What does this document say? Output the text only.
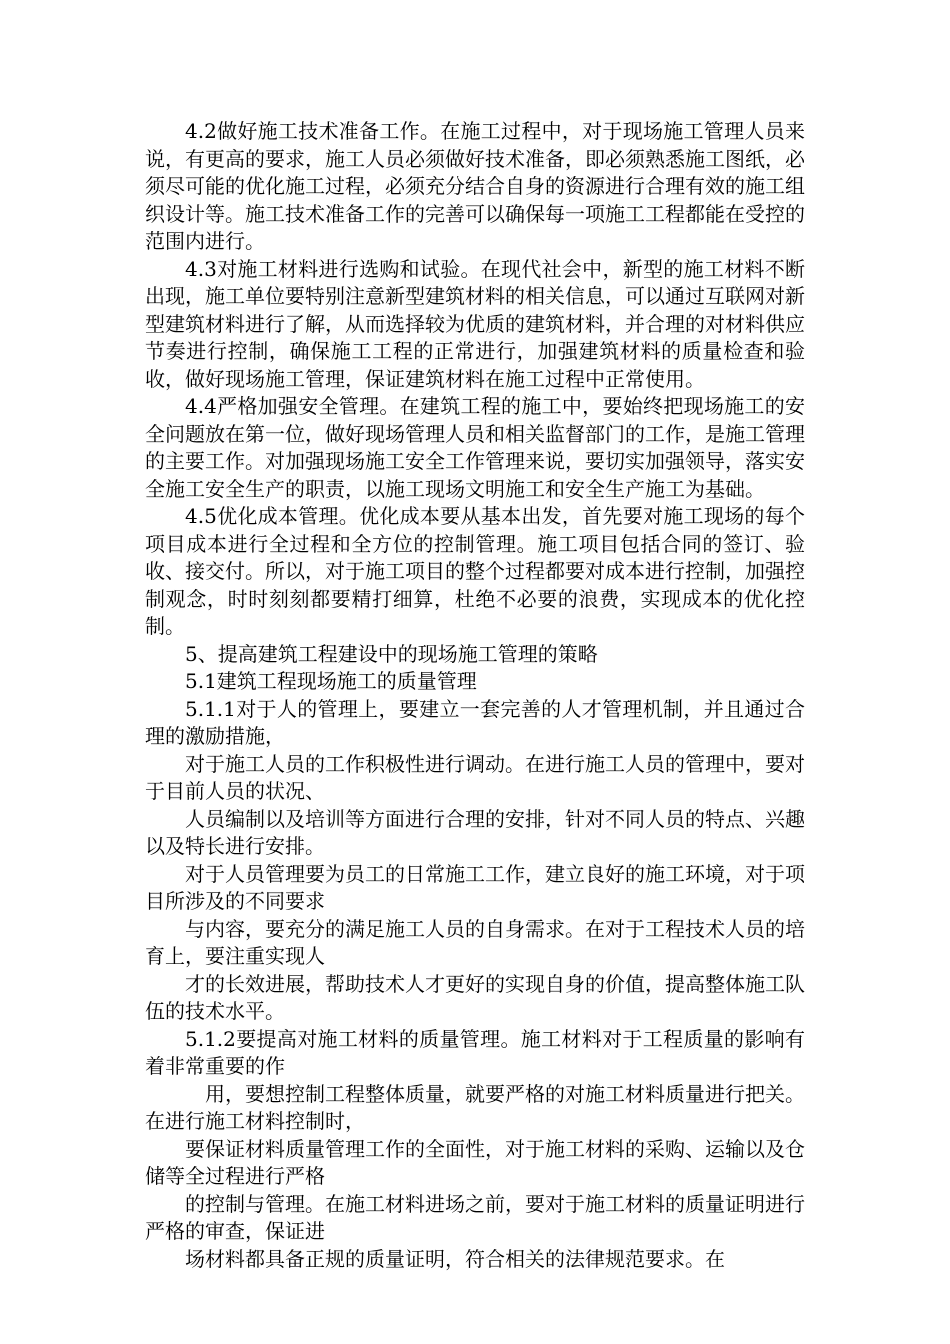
4.2做好施工技术准备工作。在施工过程中，对于现场施工管理人员来说，有更高的要求，施工人员必须做好技术准备，即必须熟悉施工图纸，必须尽可能的优化施工过程，必须充分结合自身的资源进行合理有效的施工组织设计等。施工技术准备工作的完善可以确保每一项施工工程都能在受控的范围内进行。

4.3对施工材料进行选购和试验。在现代社会中，新型的施工材料不断出现，施工单位要特别注意新型建筑材料的相关信息，可以通过互联网对新型建筑材料进行了解，从而选择较为优质的建筑材料，并合理的对材料供应节奏进行控制，确保施工工程的正常进行，加强建筑材料的质量检查和验收，做好现场施工管理，保证建筑材料在施工过程中正常使用。

4.4严格加强安全管理。在建筑工程的施工中，要始终把现场施工的安全问题放在第一位，做好现场管理人员和相关监督部门的工作，是施工管理的主要工作。对加强现场施工安全工作管理来说，要切实加强领导，落实安全施工安全生产的职责，以施工现场文明施工和安全生产施工为基础。

4.5优化成本管理。优化成本要从基本出发，首先要对施工现场的每个项目成本进行全过程和全方位的控制管理。施工项目包括合同的签订、验收、接交付。所以，对于施工项目的整个过程都要对成本进行控制，加强控制观念，时时刻刻都要精打细算，杜绝不必要的浪费，实现成本的优化控制。

5、提高建筑工程建设中的现场施工管理的策略

5.1建筑工程现场施工的质量管理

5.1.1对于人的管理上，要建立一套完善的人才管理机制，并且通过合理的激励措施，

对于施工人员的工作积极性进行调动。在进行施工人员的管理中，要对于目前人员的状况、

人员编制以及培训等方面进行合理的安排，针对不同人员的特点、兴趣以及特长进行安排。

对于人员管理要为员工的日常施工工作，建立良好的施工环境，对于项目所涉及的不同要求

与内容，要充分的满足施工人员的自身需求。在对于工程技术人员的培育上，要注重实现人

才的长效进展，帮助技术人才更好的实现自身的价值，提高整体施工队伍的技术水平。

5.1.2要提高对施工材料的质量管理。施工材料对于工程质量的影响有着非常重要的作

用，要想控制工程整体质量，就要严格的对施工材料质量进行把关。在进行施工材料控制时，

要保证材料质量管理工作的全面性，对于施工材料的采购、运输以及仓储等全过程进行严格

的控制与管理。在施工材料进场之前，要对于施工材料的质量证明进行严格的审查，保证进

场材料都具备正规的质量证明，符合相关的法律规范要求。在
